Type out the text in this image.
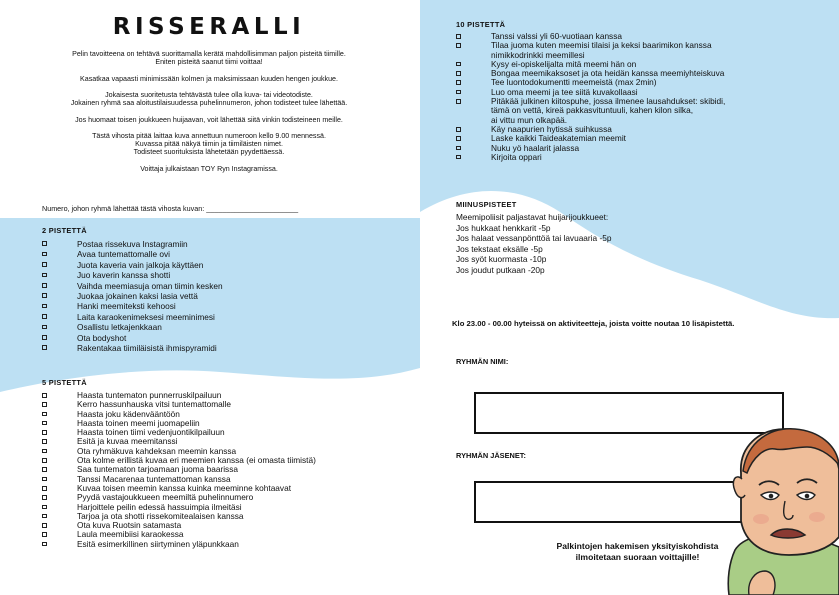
RISSERALLI

Pelin tavoitteena on tehtävä suorittamalla kerätä mahdollisimman paljon pisteitä tiimille.

Eniten pisteitä saanut tiimi voittaa!

Kasatkaa vapaasti minimissään kolmen ja maksimissaan kuuden hengen joukkue.

Jokaisesta suoritetusta tehtävästä tulee olla kuva- tai videotodiste.

Jokainen ryhmä saa aloitustilaisuudessa puhelinnumeron, johon todisteet tulee lähettää.

Jos huomaat toisen joukkueen huijaavan, voit lähettää siitä vinkin todisteineen meille.

Tästä vihosta pitää laittaa kuva annettuun numeroon kello 9.00 mennessä.

Kuvassa pitää näkyä tiimin ja tiimiläisten nimet.

Todisteet suorituksista lähetetään pyydettäessä.

Voittaja julkaistaan TOY Ryn Instagramissa.

Numero, johon ryhmä lähettää tästä vihosta kuvan: _______________________
2 PISTETTÄ
Postaa rissekuva Instagramiin
Avaa tuntemattomalle ovi
Juota kaveria vain jalkoja käyttäen
Juo kaverin kanssa shotti
Vaihda meemiasuja oman tiimin kesken
Juokaa jokainen kaksi lasia vettä
Hanki meemiteksti kehoosi
Laita karaokenimeksesi meeminimesi
Osallistu letkajenkkaan
Ota bodyshot
Rakentakaa tiimiläisistä ihmispyramidi
5 PISTETTÄ
Haasta tuntematon punnerruskilpailuun
Kerro hassunhauska vitsi tuntemattomalle
Haasta joku kädenvääntöön
Haasta toinen meemi juomapeliin
Haasta toinen tiimi vedenjuontikilpailuun
Esitä ja kuvaa meemitanssi
Ota ryhmäkuva kahdeksan meemin kanssa
Ota kolme erillistä kuvaa eri meemien kanssa (ei omasta tiimistä)
Saa tuntematon tarjoamaan juoma baarissa
Tanssi Macarenaa tuntemattoman kanssa
Kuvaa toisen meemin kanssa kuinka meeminne kohtaavat
Pyydä vastajoukkueen meemiltä puhelinnumero
Harjoittele peilin edessä hassuimpia ilmeitäsi
Tarjoa ja ota shotti rissekomitealaisen kanssa
Ota kuva Ruotsin satamasta
Laula meemibiisi karaokessa
Esitä esimerkillinen siirtyminen yläpunkkaan
10 PISTETTÄ
Tanssi valssi yli 60-vuotiaan kanssa
Tilaa juoma kuten meemisi tilaisi ja keksi baarimikon kanssa
nimikkodrinkki meemillesi
Kysy ei-opiskelijalta mitä meemi hän on
Bongaa meemikaksoset ja ota heidän kanssa meemiyhteiskuva
Tee luontodokumentti meemeistä (max 2min)
Luo oma meemi ja tee siitä kuvakollaasi
Pitäkää julkinen kiitospuhe, jossa ilmenee lausahdukset: skibidi,
tämä on vettä, kireä pakkasvituntuuli, kahen kilon silka,
ai vittu mun olkapää.
Käy naapurien hytissä suihkussa
Laske kaikki Taideakatemian meemit
Nuku yö haalarit jalassa
Kirjoita oppari
MIINUSPISTEET
Meemipoliisit paljastavat huijarijoukkueet:
Jos hukkaat henkkarit -5p
Jos halaat vessanpönttöä tai lavuaaria -5p
Jos tekstaat eksälle -5p
Jos syöt kuormasta -10p
Jos joudut putkaan -20p
Klo 23.00 - 00.00 hyteissä on aktiviteetteja, joista voitte noutaa 10 lisäpistettä.
RYHMÄN NIMI:
RYHMÄN JÄSENET:
Palkintojen hakemisen yksityiskohdista
ilmoitetaan suoraan voittajille!
